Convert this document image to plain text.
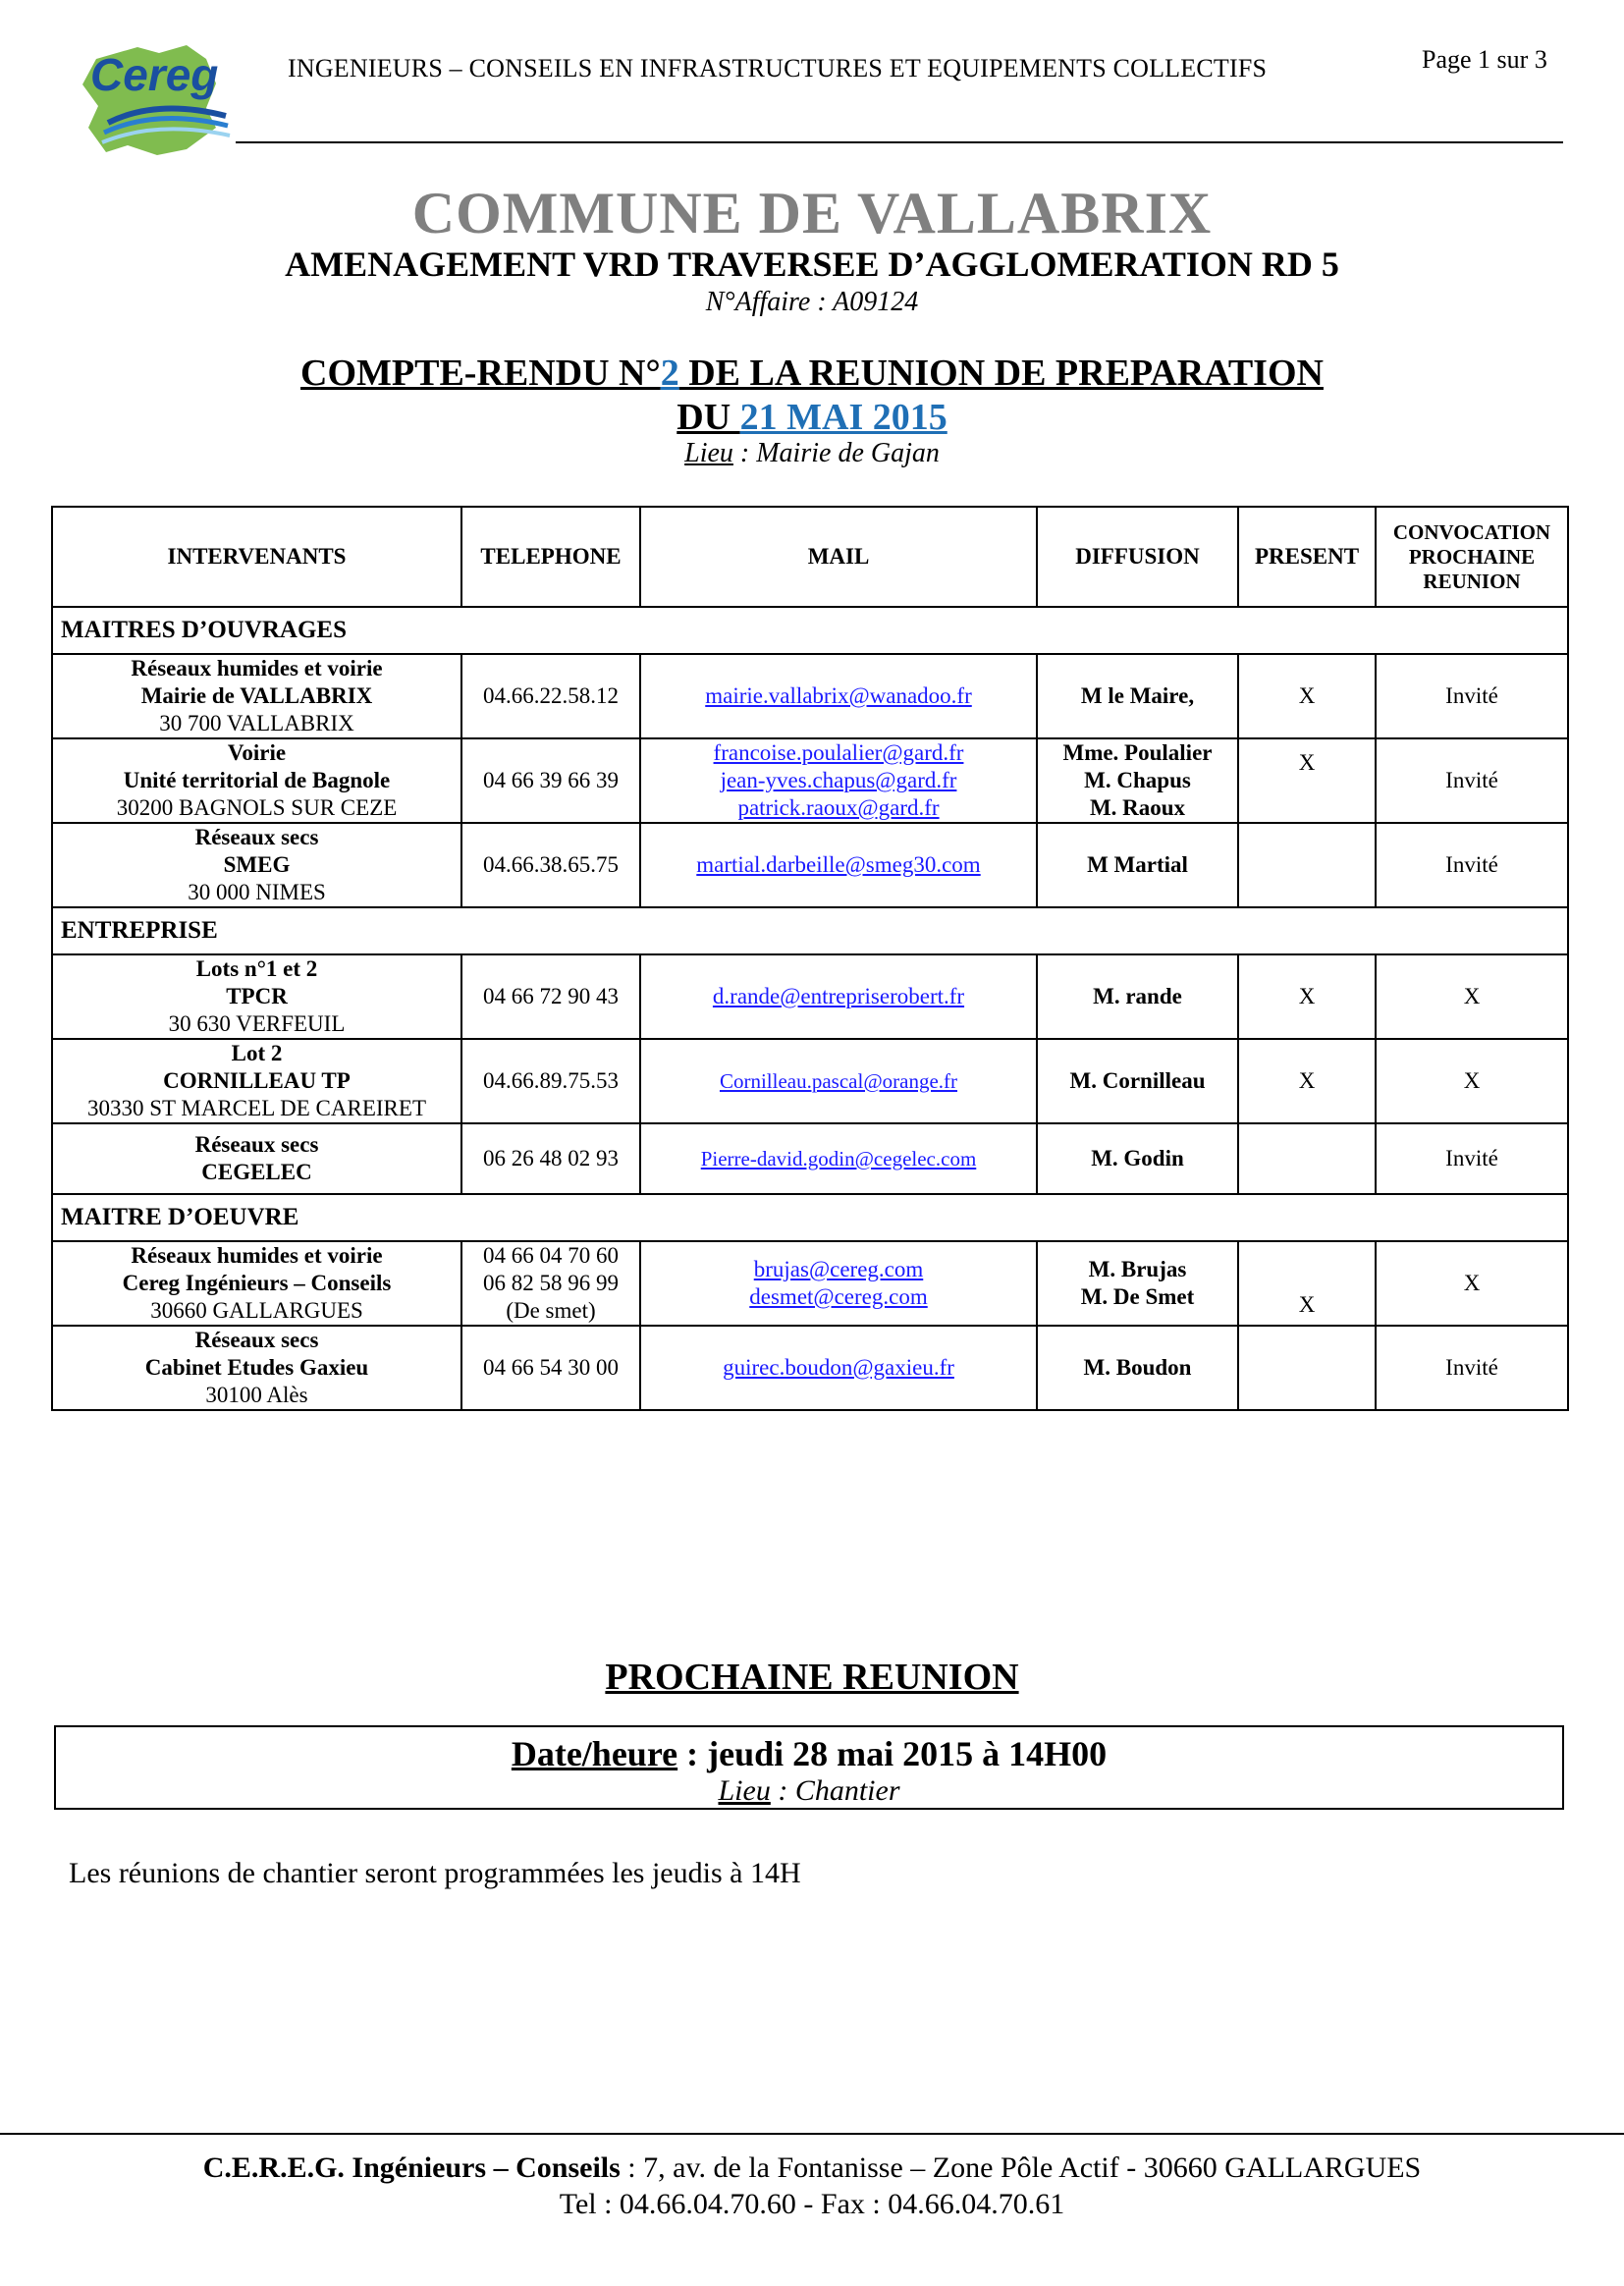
Cereg	INGENIEURS – CONSEILS EN INFRASTRUCTURES ET EQUIPEMENTS COLLECTIFS	Page 1 sur 3
COMMUNE DE VALLABRIX
AMENAGEMENT VRD TRAVERSEE D’AGGLOMERATION RD 5
N°Affaire : A09124
COMPTE-RENDU N°2 DE LA REUNION DE PREPARATION
DU 21 MAI 2015
Lieu : Mairie de Gajan
INTERVENANTS	TELEPHONE	MAIL	DIFFUSION	PRESENT	CONVOCATION PROCHAINE REUNION
MAITRES D’OUVRAGES					
Réseaux humides et voirie
Mairie de VALLABRIX
30 700 VALLABRIX	04.66.22.58.12	mairie.vallabrix@wanadoo.fr	M le Maire,	X	Invité
Voirie
Unité territorial de Bagnole
30200 BAGNOLS SUR CEZE	04 66 39 66 39	francoise.poulalier@gard.fr
jean-yves.chapus@gard.fr
patrick.raoux@gard.fr	Mme. Poulalier
M. Chapus
M. Raoux	X	Invité
Réseaux secs
SMEG
30 000 NIMES	04.66.38.65.75	martial.darbeille@smeg30.com	M Martial		Invité
ENTREPRISE					
Lots n°1 et 2
TPCR
30 630 VERFEUIL	04 66 72 90 43	d.rande@entrepriserobert.fr	M. rande	X	X
Lot 2
CORNILLEAU TP
30330 ST MARCEL DE CAREIRET	04.66.89.75.53	Cornilleau.pascal@orange.fr	M. Cornilleau	X	X
Réseaux secs
CEGELEC	06 26 48 02 93	Pierre-david.godin@cegelec.com	M. Godin		Invité
MAITRE D’OEUVRE					
Réseaux humides et voirie
Cereg Ingénieurs – Conseils
30660 GALLARGUES	04 66 04 70 60
06 82 58 96 99
(De smet)	brujas@cereg.com
desmet@cereg.com	M. Brujas
M. De Smet	X	X
Réseaux secs
Cabinet Etudes Gaxieu
30100 Alès	04 66 54 30 00	guirec.boudon@gaxieu.fr	M. Boudon		Invité
PROCHAINE REUNION
Date/heure : jeudi 28 mai 2015 à 14H00
Lieu : Chantier
Les réunions de chantier seront programmées les jeudis à 14H
C.E.R.E.G. Ingénieurs – Conseils : 7, av. de la Fontanisse – Zone Pôle Actif - 30660 GALLARGUES
Tel : 04.66.04.70.60 - Fax : 04.66.04.70.61
